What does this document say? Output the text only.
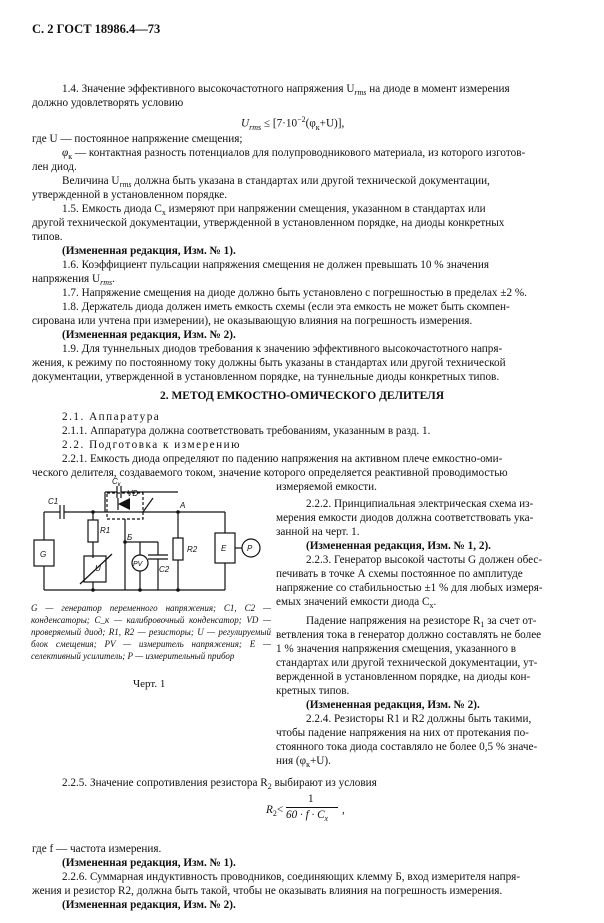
С. 2 ГОСТ 18986.4—73
1.4. Значение эффективного высокочастотного напряжения $U_{rms}$ на диоде в момент измерения
должно удовлетворять условию
$U_{rms} \le [7\cdot 10^{-2}(\varphi_к+U)]$,
где U — постоянное напряжение смещения;
$\varphi_к$ — контактная разность потенциалов для полупроводникового материала, из которого изготов-
лен диод.
Величина $U_{rms}$ должна быть указана в стандартах или другой технической документации,
утвержденной в установленном порядке.
1.5. Емкость диода $C_x$ измеряют при напряжении смещения, указанном в стандартах или
другой технической документации, утвержденной в установленном порядке, на диоды конкретных
типов.
(Измененная редакция, Изм. № 1).
1.6. Коэффициент пульсации напряжения смещения не должен превышать 10 % значения
напряжения $U_{rms}$.
1.7. Напряжение смещения на диоде должно быть установлено с погрешностью в пределах ±2 %.
1.8. Держатель диода должен иметь емкость схемы (если эта емкость не может быть скомпен-
сирована или учтена при измерении), не оказывающую влияния на погрешность измерения.
(Измененная редакция, Изм. № 2).
1.9. Для туннельных диодов требования к значению эффективного высокочастотного напря-
жения, к режиму по постоянному току должны быть указаны в стандартах или другой технической
документации, утвержденной в установленном порядке, на туннельные диоды конкретных типов.
2. МЕТОД ЕМКОСТНО-ОМИЧЕСКОГО ДЕЛИТЕЛЯ
2.1. Аппаратура
2.1.1. Аппаратура должна соответствовать требованиям, указанным в разд. 1.
2.2. Подготовка к измерению
2.2.1. Емкость диода определяют по падению напряжения на активном плече емкостно-оми-
ческого делителя, создаваемого током, значение которого определяется реактивной проводимостью
измеряемой емкости.
2.2.2. Принципиальная электрическая схема из-
мерения емкости диодов должна соответствовать ука-
занной на черт. 1.
(Измененная редакция, Изм. № 1, 2).
2.2.3. Генератор высокой частоты G должен обес-
печивать в точке А схемы постоянное по амплитуде
напряжение со стабильностью ±1 % для любых измеря-
емых значений емкости диода $C_x$.
Падение напряжения на резисторе $R_1$ за счет от-
ветвления тока в генератор должно составлять не более
1 % значения напряжения смещения, указанного в
стандартах или другой технической документации, ут-
вержденной в установленном порядке, на диоды кон-
кретных типов.
(Измененная редакция, Изм. № 2).
2.2.4. Резисторы R1 и R2 должны быть такими,
чтобы падение напряжения на них от протекания по-
стоянного тока диода составляло не более 0,5 % значе-
ния $(\varphi_к+U)$.
C1
$C_к$
VD
R1
R2
C2
G
U	PV
E	P
А
Б
G — генератор переменного напряжения; C1, C2 — конденсаторы; C_к — калибровочный конденсатор; VD — проверяемый диод; R1, R2 — резисторы; U — регулируемый блок смещения; PV — измеритель напряжения; E — селективный усилитель; P — измерительный прибор
Черт. 1
2.2.5. Значение сопротивления резистора $R_2$ выбирают из условия
$R_2<$
1
$60 \cdot f \cdot C_x$
,
где f — частота измерения.
(Измененная редакция, Изм. № 1).
2.2.6. Суммарная индуктивность проводников, соединяющих клемму Б, вход измерителя напря-
жения и резистор R2, должна быть такой, чтобы не оказывать влияния на погрешность измерения.
(Измененная редакция, Изм. № 2).
